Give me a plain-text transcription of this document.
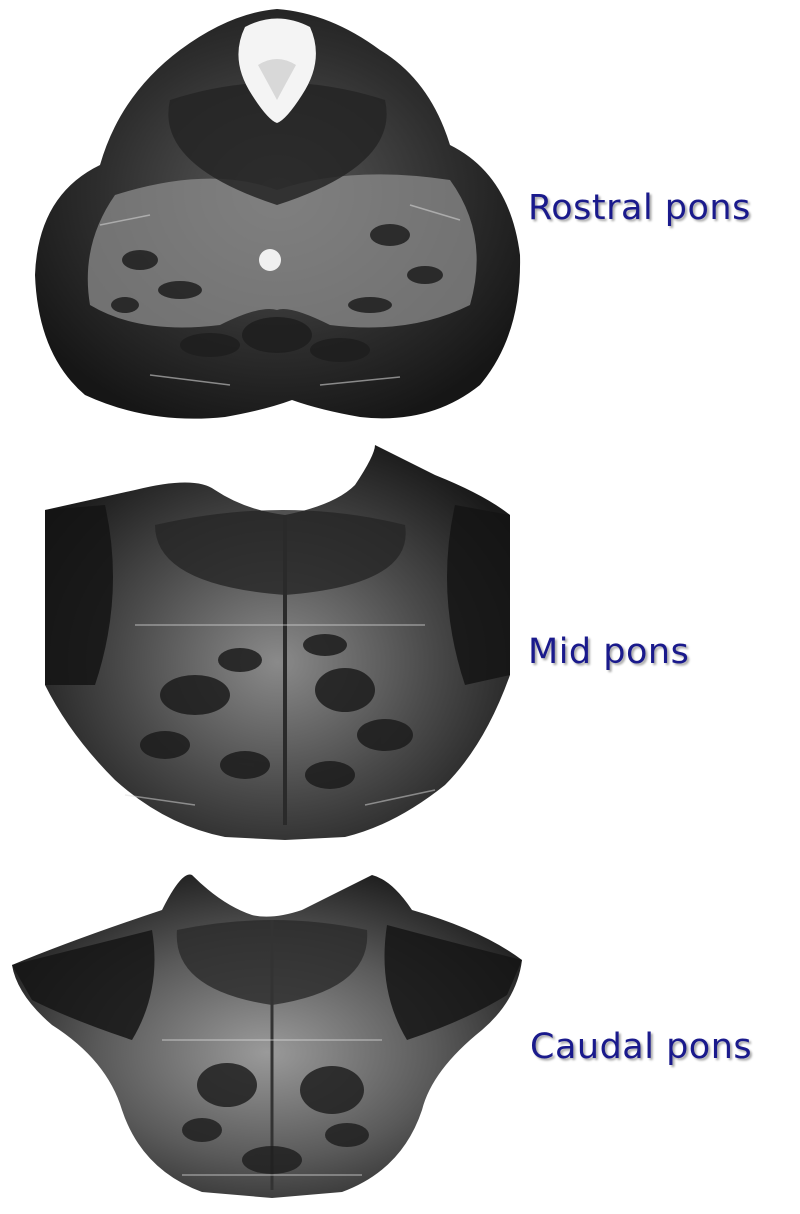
Rostral pons
Mid pons
Caudal pons
